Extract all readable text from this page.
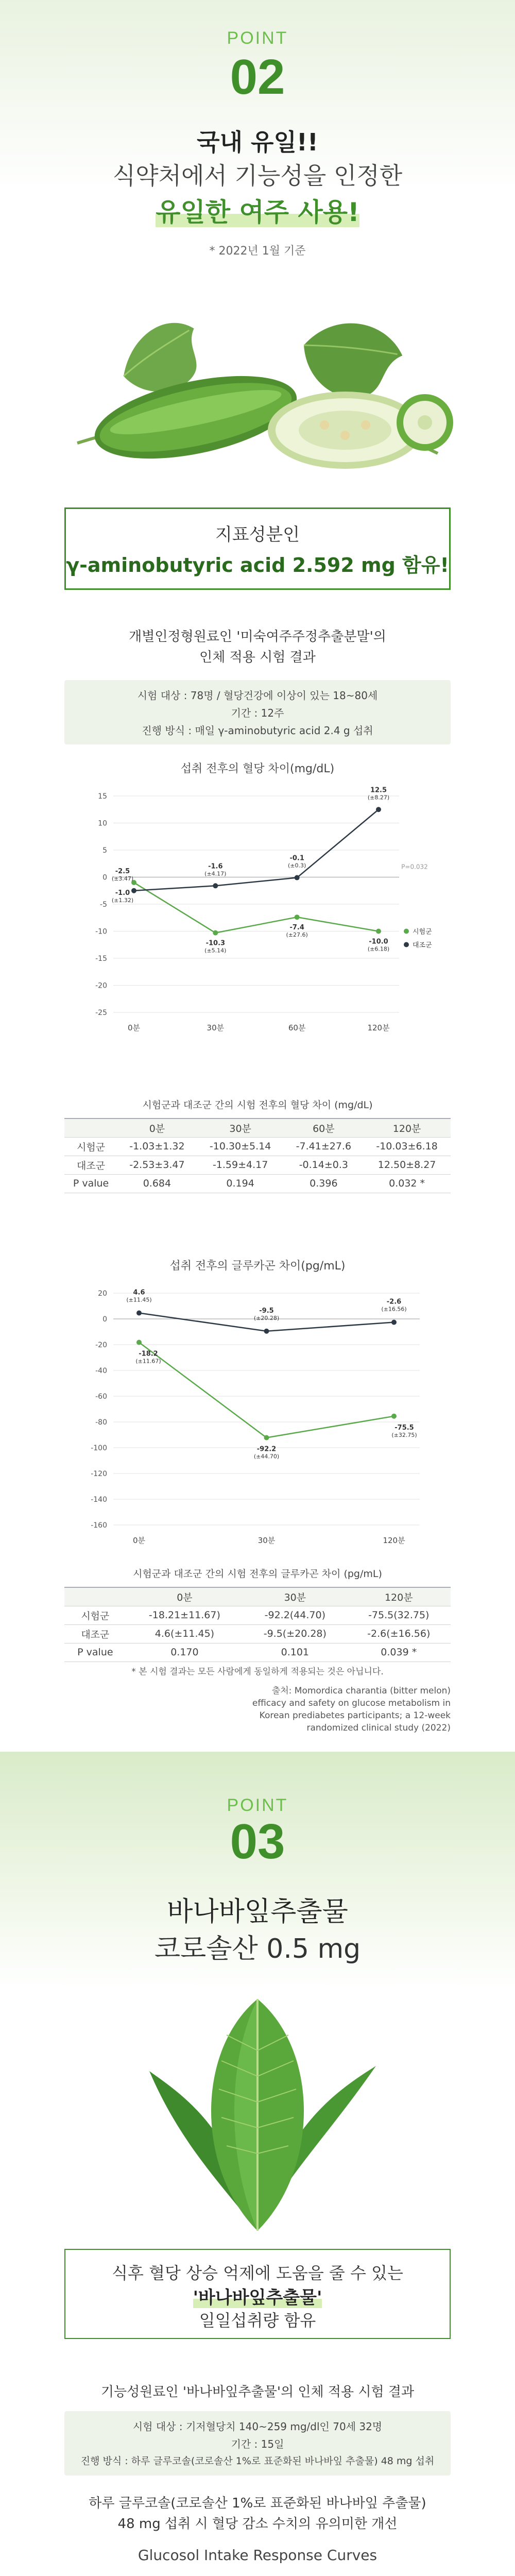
POINT
02
국내 유일!!
식약처에서 기능성을 인정한
유일한 여주 사용!
* 2022년 1월 기준
지표성분인
γ-aminobutyric acid 2.592 mg 함유!
개별인정형원료인 '미숙여주주정추출분말'의
인체 적용 시험 결과
시험 대상 : 78명 / 혈당건강에 이상이 있는 18~80세
기간 : 12주
진행 방식 : 매일 γ-aminobutyric acid 2.4 g 섭취
섭취 전후의 혈당 차이(mg/dL)
15
10
5
0
-5
-10
-15
-20
-25
0분	30분	60분	120분
-1.0
(±1.32)
-10.3
(±5.14)
-7.4
(±27.6)
-10.0
(±6.18)
-2.5
(±3.47)
-1.6
(±4.17)
-0.1
(±0.3)
12.5
(±8.27)
P=0.032
시험군
대조군
시험군과 대조군 간의 시험 전후의 혈당 차이 (mg/dL)
	0분	30분	60분	120분
시험군	-1.03±1.32	-10.30±5.14	-7.41±27.6	-10.03±6.18
대조군	-2.53±3.47	-1.59±4.17	-0.14±0.3	12.50±8.27
P value	0.684	0.194	0.396	0.032 *
섭취 전후의 글루카곤 차이(pg/mL)
20
0
-20
-40
-60
-80
-100
-120
-140
-160
0분	30분	120분
4.6
(±11.45)
-9.5
(±20.28)
-2.6
(±16.56)
-18.2
(±11.67)
-92.2
(±44.70)
-75.5
(±32.75)
시험군과 대조군 간의 시험 전후의 글루카곤 차이 (pg/mL)
	0분	30분	120분
시험군	-18.21±11.67)	-92.2(44.70)	-75.5(32.75)
대조군	4.6(±11.45)	-9.5(±20.28)	-2.6(±16.56)
P value	0.170	0.101	0.039 *
* 본 시험 결과는 모든 사람에게 동일하게 적용되는 것은 아닙니다.
출처: Momordica charantia (bitter melon)
efficacy and safety on glucose metabolism in
Korean prediabetes participants; a 12-week
randomized clinical study (2022)
POINT
03
바나바잎추출물
코로솔산 0.5 mg
식후 혈당 상승 억제에 도움을 줄 수 있는
'바나바잎추출물'
일일섭취량 함유
기능성원료인 '바나바잎추출물'의 인체 적용 시험 결과
시험 대상 : 기저혈당치 140~259 mg/dl인 70세 32명
기간 : 15일
진행 방식 : 하루 글루코솔(코로솔산 1%로 표준화된 바나바잎 추출물) 48 mg 섭취
하루 글루코솔(코로솔산 1%로 표준화된 바나바잎 추출물)
48 mg 섭취 시 혈당 감소 수치의 유의미한 개선
Glucosol Intake Response Curves
